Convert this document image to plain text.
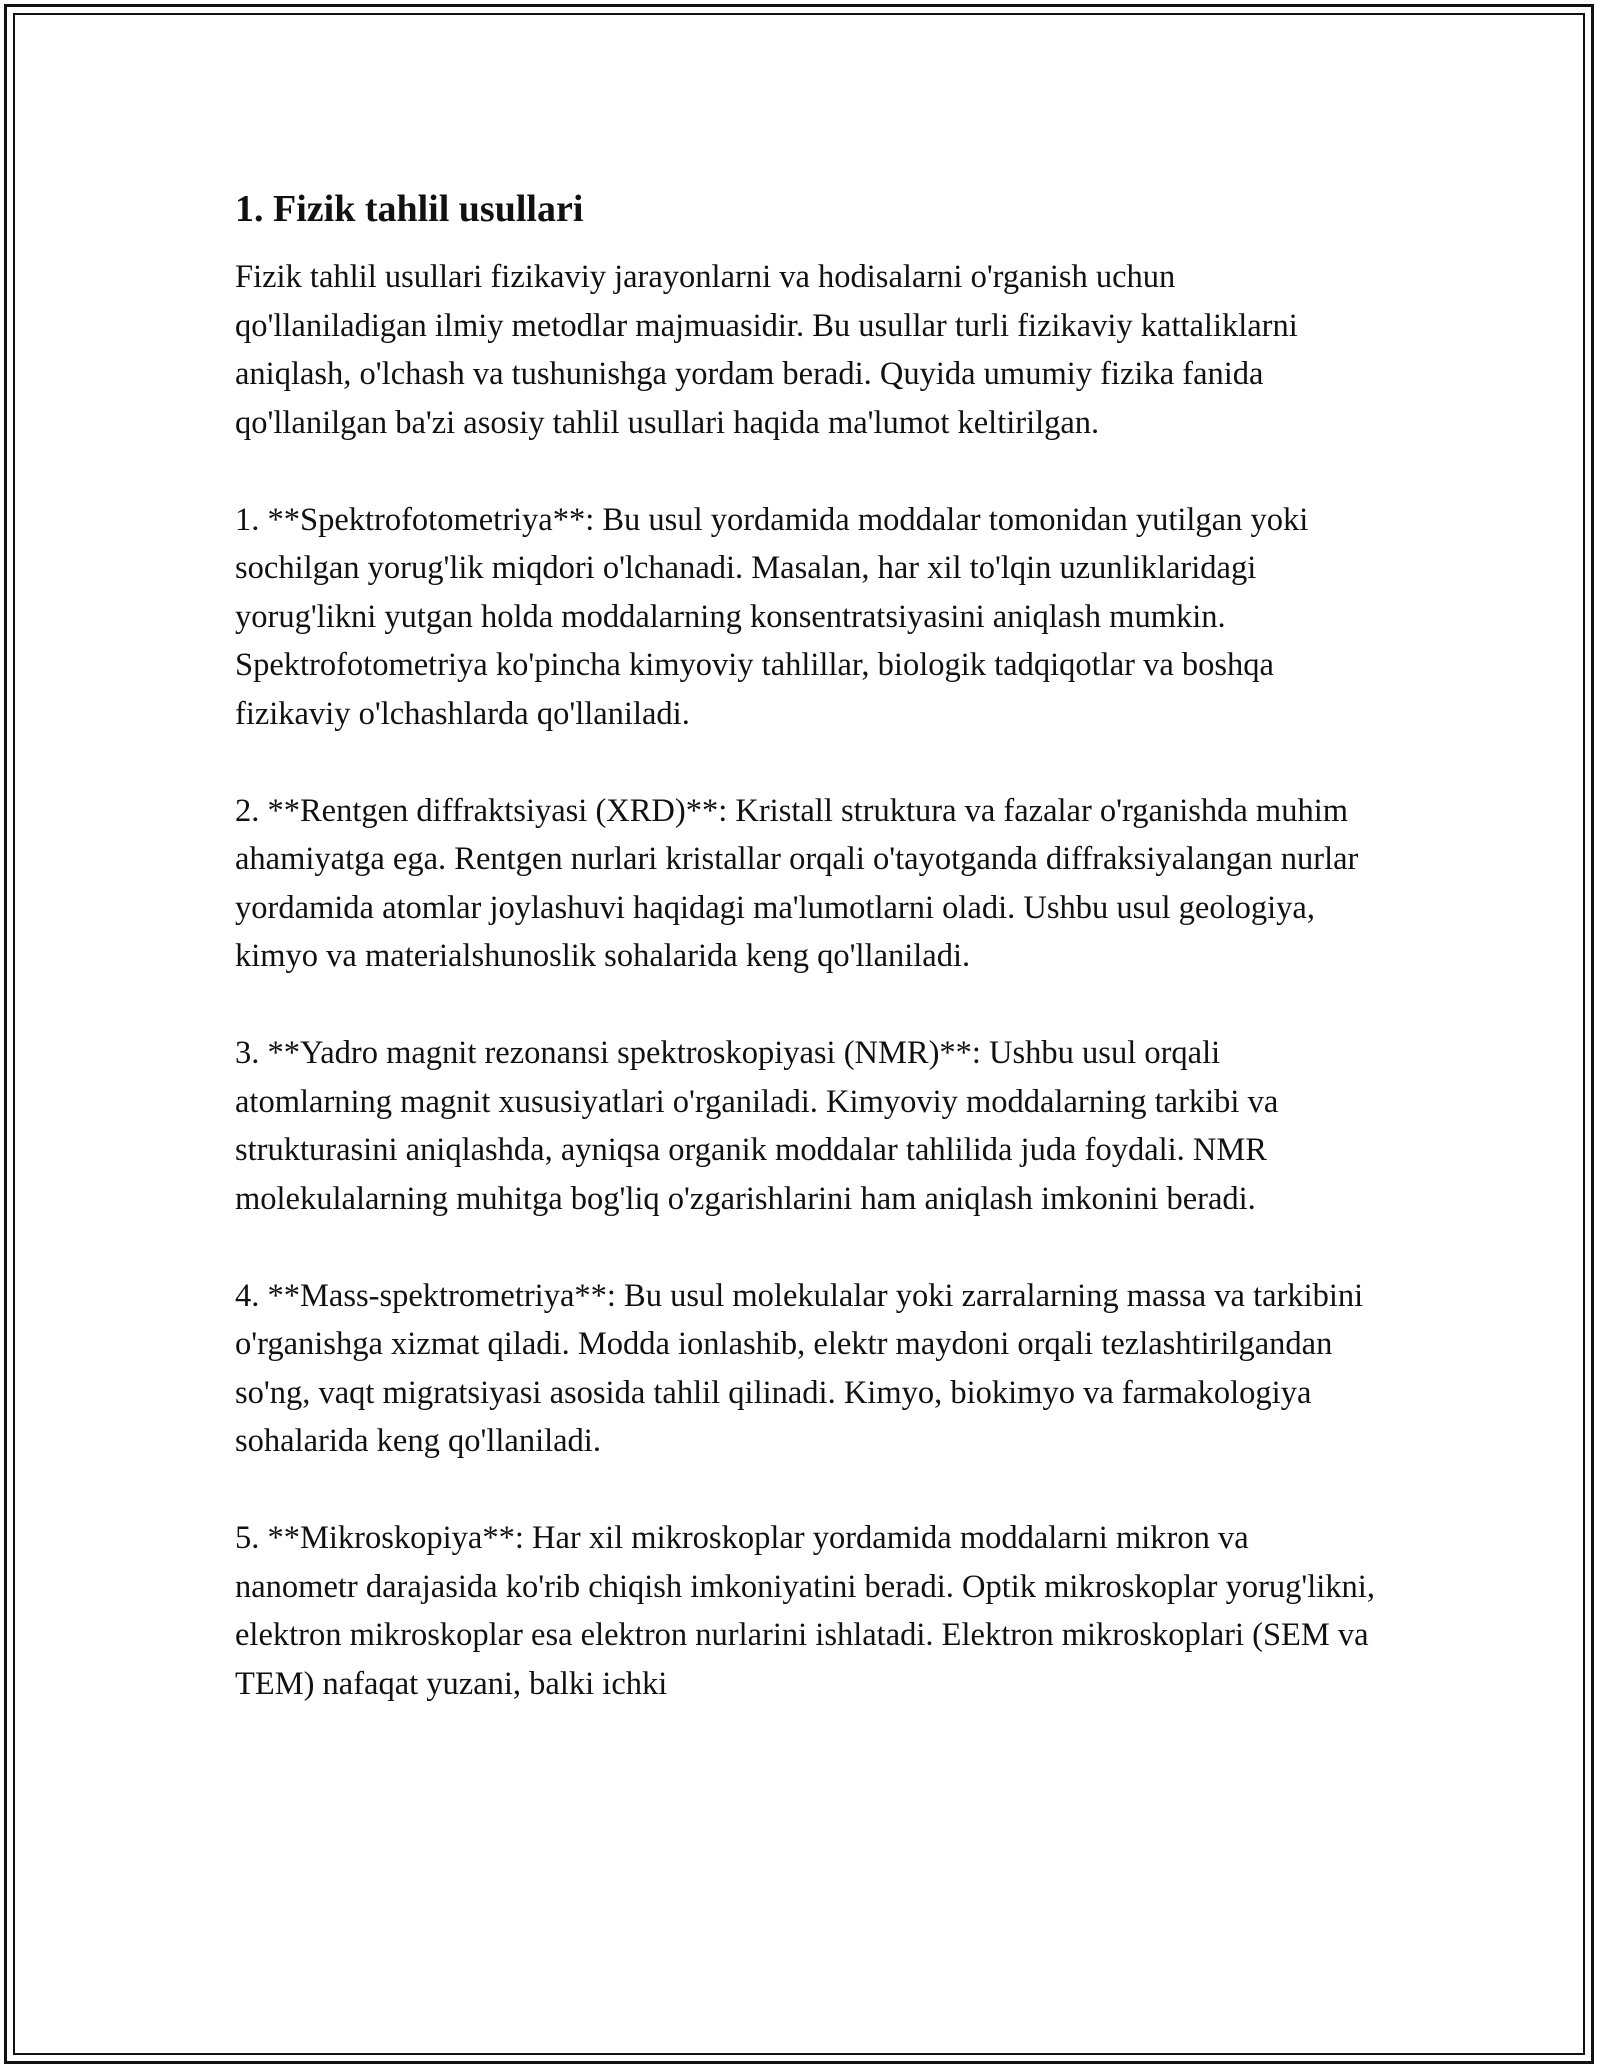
1. Fizik tahlil usullari

Fizik tahlil usullari fizikaviy jarayonlarni va hodisalarni o'rganish uchun qo'llaniladigan ilmiy metodlar majmuasidir. Bu usullar turli fizikaviy kattaliklarni aniqlash, o'lchash va tushunishga yordam beradi. Quyida umumiy fizika fanida qo'llanilgan ba'zi asosiy tahlil usullari haqida ma'lumot keltirilgan.

1. **Spektrofotometriya**: Bu usul yordamida moddalar tomonidan yutilgan yoki sochilgan yorug'lik miqdori o'lchanadi. Masalan, har xil to'lqin uzunliklaridagi yorug'likni yutgan holda moddalarning konsentratsiyasini aniqlash mumkin. Spektrofotometriya ko'pincha kimyoviy tahlillar, biologik tadqiqotlar va boshqa fizikaviy o'lchashlarda qo'llaniladi.

2. **Rentgen diffraktsiyasi (XRD)**: Kristall struktura va fazalar o'rganishda muhim ahamiyatga ega. Rentgen nurlari kristallar orqali o'tayotganda diffraksiyalangan nurlar yordamida atomlar joylashuvi haqidagi ma'lumotlarni oladi. Ushbu usul geologiya, kimyo va materialshunoslik sohalarida keng qo'llaniladi.

3. **Yadro magnit rezonansi spektroskopiyasi (NMR)**: Ushbu usul orqali atomlarning magnit xususiyatlari o'rganiladi. Kimyoviy moddalarning tarkibi va strukturasini aniqlashda, ayniqsa organik moddalar tahlilida juda foydali. NMR molekulalarning muhitga bog'liq o'zgarishlarini ham aniqlash imkonini beradi.

4. **Mass-spektrometriya**: Bu usul molekulalar yoki zarralarning massa va tarkibini o'rganishga xizmat qiladi. Modda ionlashib, elektr maydoni orqali tezlashtirilgandan so'ng, vaqt migratsiyasi asosida tahlil qilinadi. Kimyo, biokimyo va farmakologiya sohalarida keng qo'llaniladi.

5. **Mikroskopiya**: Har xil mikroskoplar yordamida moddalarni mikron va nanometr darajasida ko'rib chiqish imkoniyatini beradi. Optik mikroskoplar yorug'likni, elektron mikroskoplar esa elektron nurlarini ishlatadi. Elektron mikroskoplari (SEM va TEM) nafaqat yuzani, balki ichki
